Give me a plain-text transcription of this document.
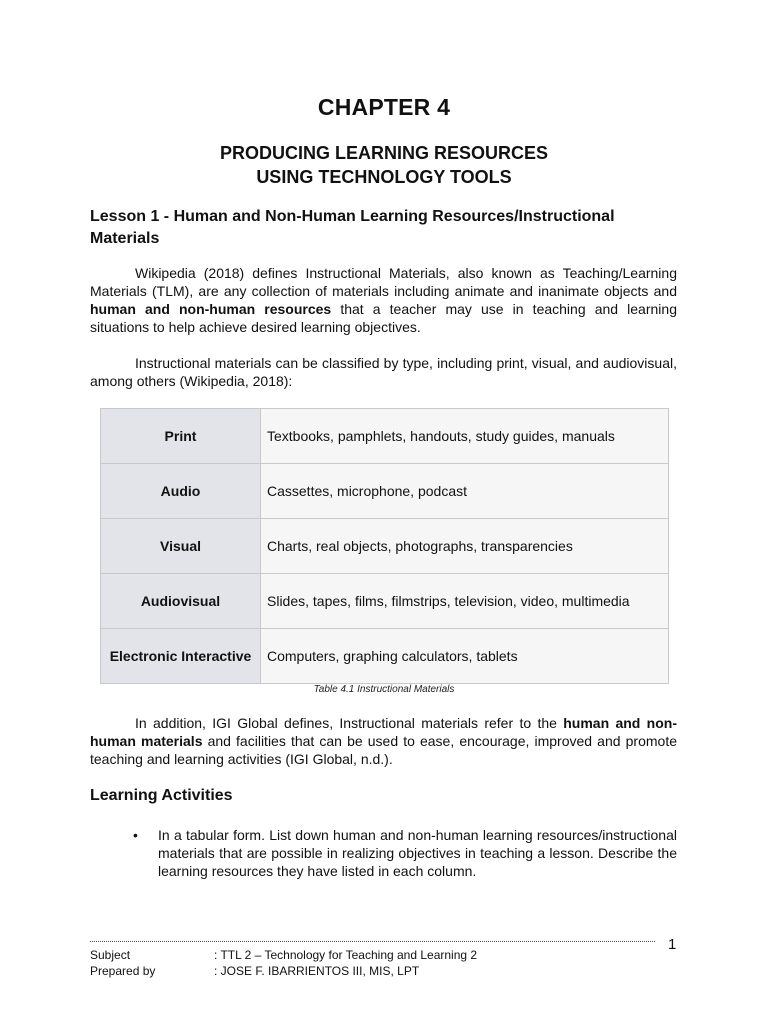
CHAPTER 4
PRODUCING LEARNING RESOURCES
USING TECHNOLOGY TOOLS
Lesson 1 - Human and Non-Human Learning Resources/Instructional Materials

Wikipedia (2018) defines Instructional Materials, also known as Teaching/Learning Materials (TLM), are any collection of materials including animate and inanimate objects and human and non-human resources that a teacher may use in teaching and learning situations to help achieve desired learning objectives.

Instructional materials can be classified by type, including print, visual, and audiovisual, among others (Wikipedia, 2018):

Print	Textbooks, pamphlets, handouts, study guides, manuals
Audio	Cassettes, microphone, podcast
Visual	Charts, real objects, photographs, transparencies
Audiovisual	Slides, tapes, films, filmstrips, television, video, multimedia
Electronic Interactive	Computers, graphing calculators, tablets
Table 4.1 Instructional Materials

In addition, IGI Global defines, Instructional materials refer to the human and non- human materials and facilities that can be used to ease, encourage, improved and promote teaching and learning activities (IGI Global, n.d.).

Learning Activities
• In a tabular form. List down human and non-human learning resources/instructional materials that are possible in realizing objectives in teaching a lesson. Describe the learning resources they have listed in each column.
1
Subject	: TTL 2 – Technology for Teaching and Learning 2
Prepared by	: JOSE F. IBARRIENTOS III, MIS, LPT
